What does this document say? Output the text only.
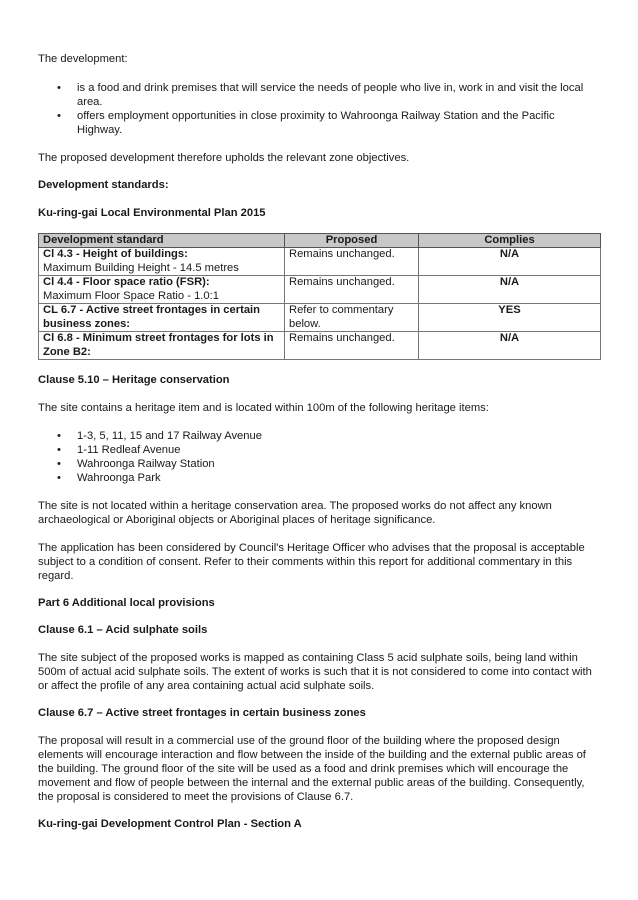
The development:

• is a food and drink premises that will service the needs of people who live in, work in and visit the local area.
• offers employment opportunities in close proximity to Wahroonga Railway Station and the Pacific Highway.

The proposed development therefore upholds the relevant zone objectives.

Development standards:

Ku-ring-gai Local Environmental Plan 2015

Development standard	Proposed	Complies

Cl 4.3 - Height of buildings:
Maximum Building Height - 14.5 metres	Remains unchanged.	N/A

Cl 4.4 - Floor space ratio (FSR):
Maximum Floor Space Ratio - 1.0:1	Remains unchanged.	N/A

CL 6.7 - Active street frontages in certain business zones:	Refer to commentary below.	YES

Cl 6.8 - Minimum street frontages for lots in Zone B2:	Remains unchanged.	N/A

Clause 5.10 – Heritage conservation

The site contains a heritage item and is located within 100m of the following heritage items:

• 1-3, 5, 11, 15 and 17 Railway Avenue
• 1-11 Redleaf Avenue
• Wahroonga Railway Station
• Wahroonga Park

The site is not located within a heritage conservation area. The proposed works do not affect any known archaeological or Aboriginal objects or Aboriginal places of heritage significance.

The application has been considered by Council's Heritage Officer who advises that the proposal is acceptable subject to a condition of consent. Refer to their comments within this report for additional commentary in this regard.

Part 6 Additional local provisions

Clause 6.1 – Acid sulphate soils

The site subject of the proposed works is mapped as containing Class 5 acid sulphate soils, being land within 500m of actual acid sulphate soils. The extent of works is such that it is not considered to come into contact with or affect the profile of any area containing actual acid sulphate soils.

Clause 6.7 – Active street frontages in certain business zones

The proposal will result in a commercial use of the ground floor of the building where the proposed design elements will encourage interaction and flow between the inside of the building and the external public areas of the building. The ground floor of the site will be used as a food and drink premises which will encourage the movement and flow of people between the internal and the external public areas of the building. Consequently, the proposal is considered to meet the provisions of Clause 6.7.

Ku-ring-gai Development Control Plan - Section A
